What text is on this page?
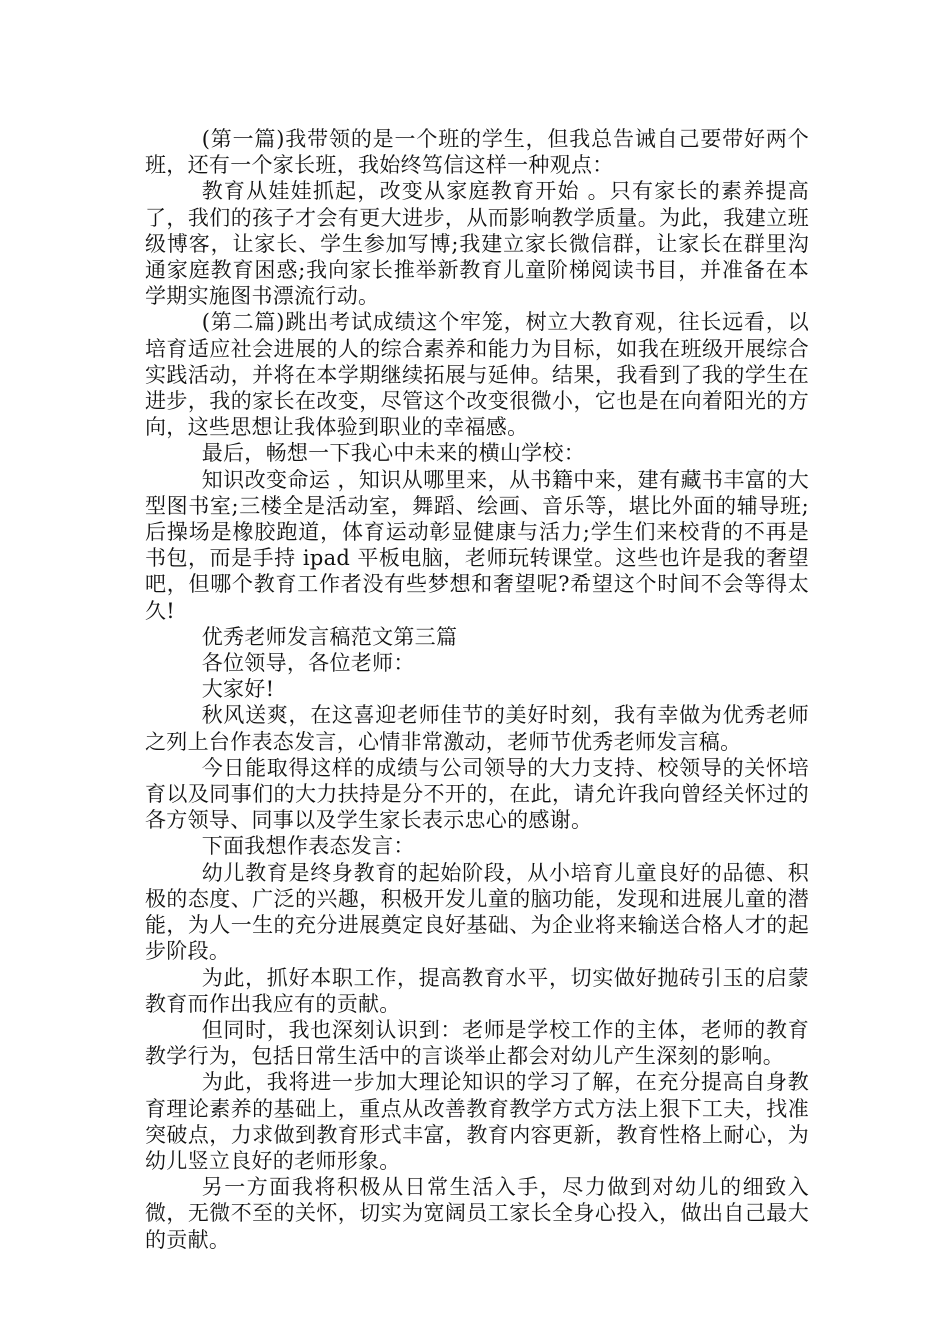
(第一篇)我带领的是一个班的学生，但我总告诫自己要带好两个班，还有一个家长班，我始终笃信这样一种观点：

教育从娃娃抓起，改变从家庭教育开始 。只有家长的素养提高了，我们的孩子才会有更大进步，从而影响教学质量。为此，我建立班级博客，让家长、学生参加写博;我建立家长微信群，让家长在群里沟通家庭教育困惑;我向家长推举新教育儿童阶梯阅读书目，并准备在本学期实施图书漂流行动。

(第二篇)跳出考试成绩这个牢笼，树立大教育观，往长远看，以培育适应社会进展的人的综合素养和能力为目标，如我在班级开展综合实践活动，并将在本学期继续拓展与延伸。结果，我看到了我的学生在进步，我的家长在改变，尽管这个改变很微小，它也是在向着阳光的方向，这些思想让我体验到职业的幸福感。

最后，畅想一下我心中未来的横山学校：

知识改变命运 ，知识从哪里来，从书籍中来，建有藏书丰富的大型图书室;三楼全是活动室，舞蹈、绘画、音乐等，堪比外面的辅导班;后操场是橡胶跑道，体育运动彰显健康与活力;学生们来校背的不再是书包，而是手持 ipad 平板电脑，老师玩转课堂。这些也许是我的奢望吧，但哪个教育工作者没有些梦想和奢望呢?希望这个时间不会等得太久!

优秀老师发言稿范文第三篇

各位领导，各位老师：

大家好!

秋风送爽，在这喜迎老师佳节的美好时刻，我有幸做为优秀老师之列上台作表态发言，心情非常激动，老师节优秀老师发言稿。

今日能取得这样的成绩与公司领导的大力支持、校领导的关怀培育以及同事们的大力扶持是分不开的，在此，请允许我向曾经关怀过的各方领导、同事以及学生家长表示忠心的感谢。

下面我想作表态发言：

幼儿教育是终身教育的起始阶段，从小培育儿童良好的品德、积极的态度、广泛的兴趣，积极开发儿童的脑功能，发现和进展儿童的潜能，为人一生的充分进展奠定良好基础、为企业将来输送合格人才的起步阶段。

为此，抓好本职工作，提高教育水平，切实做好抛砖引玉的启蒙教育而作出我应有的贡献。

但同时，我也深刻认识到：老师是学校工作的主体，老师的教育教学行为，包括日常生活中的言谈举止都会对幼儿产生深刻的影响。

为此，我将进一步加大理论知识的学习了解，在充分提高自身教育理论素养的基础上，重点从改善教育教学方式方法上狠下工夫，找准突破点，力求做到教育形式丰富，教育内容更新，教育性格上耐心，为幼儿竖立良好的老师形象。

另一方面我将积极从日常生活入手，尽力做到对幼儿的细致入微，无微不至的关怀，切实为宽阔员工家长全身心投入，做出自己最大的贡献。
